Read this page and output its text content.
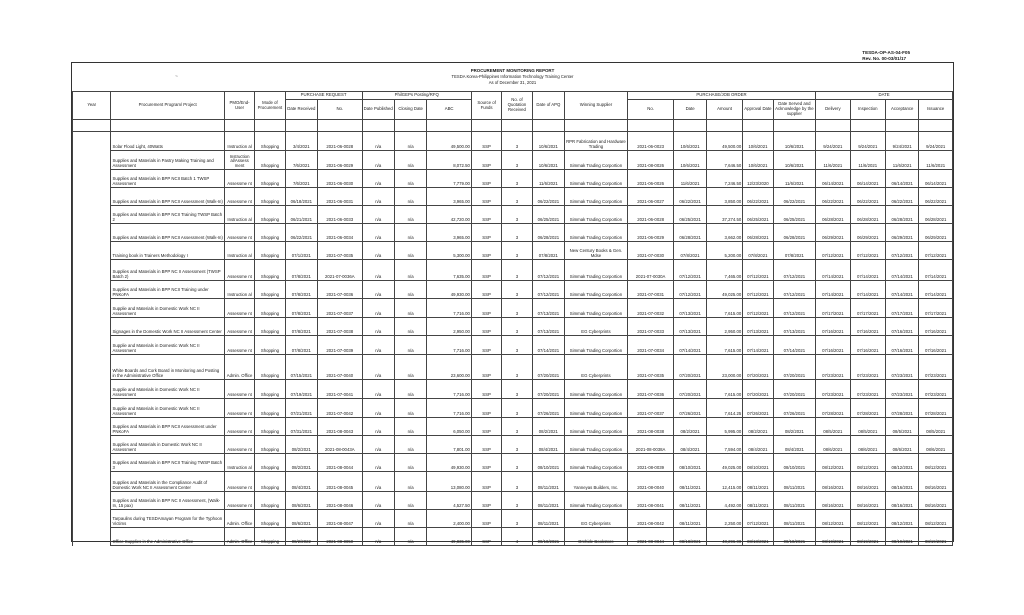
TESDA-OP-AS-04-F05
Rev. No. 00-03/01/17
~
PROCUREMENT MONITORING REPORT
TESDA Korea-Philippines Information Technology Training Center
As of December 31, 2021
Year	Procurement Program/ Project	PMO/End-User	Mode of Procurement	PURCHASE REQUEST		PhilGEPs Posting/RFQ			Source of Funds	No. of Quotation Received	Date of APQ	Winning Supplier	PURCHASE/JOB ORDER					DATE			
				Date Received	No.	Date Published	Closing Date	ABC					No.	Date	Amount	Approval Date	Date Served and Acknowledge by the supplier	Delivery	Inspection	Acceptance	Issuance

	Solar Flood Light, 40Watts	Instruction al	Shopping	3/4/2021	2021-06-0028	n/a	n/a	49,500.00	SSP	3	10/6/2021	RPR Fabrication and Hardware Trading	2021-06-0023	10/6/2021	49,500.00	10/6/2021	10/6/2021	9/24/2021	9/24/2021	9/24/2021	9/24/2021
	Supplies and Materials in Pastry Making Training and Assessment	Instruction al/Assess ment	Shopping	7/6/2021	2021-06-0029	n/a	n/a	8,072.50	SSP	3	10/6/2021	Simmak Trading Corportion	2021-08-0026	10/6/2021	7,646.50	10/6/2021	10/6/2021	11/6/2021	11/6/2021	11/6/2021	11/6/2021
	Supplies and Materials in BPP NCII Batch 1 TWSP Assessment	Assessme nt	Shopping	7/6/2021	2021-06-0030	n/a	n/a	7,779.00	SSP	3	11/6/2021	Simmak Trading Corportion	2021-06-0026	11/6/2021	7,246.50	12/23/2020	11/6/2021	06/14/2021	06/14/2021	06/14/2021	06/14/2021
	Supplies and Materials in BPP NCII Assessment (Walk-In)	Assessme nt	Shopping	06/18/2021	2021-06-0031	n/a	n/a	3,965.00	SSP	3	06/22/2021	Simmak Trading Corportion	2021-06-0027	06/22/2021	3,850.00	06/22/2021	06/22/2021	06/22/2021	06/22/2021	06/22/2021	06/22/2021
	Supplies and Materials in BPP NCII Training TWSP Batch 2	Instruction al	Shopping	06/21/2021	2021-06-0033	n/a	n/a	42,720.00	SSP	3	06/25/2021	Simmak Trading Corportion	2021-06-0028	06/25/2021	37,274.50	06/25/2021	06/25/2021	06/28/2021	06/28/2021	06/28/2021	06/28/2021
	Supplies and Materials in BPP NCII Assessment (Walk-In)	Assessme nt	Shopping	06/22/2021	2021-06-0034	n/a	n/a	3,965.00	SSP	3	06/28/2021	Simmak Trading Corportion	2021-06-0029	06/28/2021	3,662.00	06/28/2021	06/28/2021	06/29/2021	06/29/2021	06/29/2021	06/29/2021
	Training book in Trainers Methodology I	Instruction al	Shopping	07/1/2021	2021-07-0035	n/a	n/a	5,300.00	SSP	3	07/8/2021	New Century Books & Gen. Mdse	2021-07-0030	07/8/2021	5,200.00	07/8/2021	07/8/2021	07/12/2021	07/12/2021	07/12/2021	07/12/2021
	Supplies and Materials in BPP NC II Assessment (TWSP Batch 2)	Assessme nt	Shopping	07/8/2021	2021-07-0036A	n/a	n/a	7,635.00	SSP	3	07/12/2021	Simmak Trading Corportion	2021-07-0030A	07/12/2021	7,465.00	07/12/2021	07/12/2021	07/14/2021	07/14/2021	07/14/2021	07/14/2021
	Supplies and Materials in BPP NCII Training under PNKoFA	Instruction al	Shopping	07/8/2021	2021-07-0036	n/a	n/a	49,930.00	SSP	3	07/12/2021	Simmak Trading Corportion	2021-07-0031	07/12/2021	49,025.00	07/12/2021	07/12/2021	07/14/2021	07/14/2021	07/14/2021	07/14/2021
	Supplie and Materials in Domestic Work NC II Assessment	Assessme nt	Shopping	07/8/2021	2021-07-0037	n/a	n/a	7,716.00	SSP	3	07/13/2021	Simmak Trading Corportion	2021-07-0032	07/13/2021	7,615.00	07/12/2021	07/12/2021	07/17/2021	07/17/2021	07/17/2021	07/17/2021
	Signages in the Domestic Work NC II Assessment Center	Assessme nt	Shopping	07/8/2021	2021-07-0038	n/a	n/a	2,950.00	SSP	3	07/13/2021	EG Cyberprints	2021-07-0033	07/13/2021	2,950.00	07/13/2021	07/13/2021	07/16/2021	07/16/2021	07/16/2021	07/16/2021
	Supplie and Materials in Domestic Work NC II Assessment	Assessme nt	Shopping	07/8/2021	2021-07-0039	n/a	n/a	7,716.00	SSP	3	07/14/2021	Simmak Trading Corportion	2021-07-0034	07/14/2021	7,615.00	07/14/2021	07/14/2021	07/16/2021	07/16/2021	07/16/2021	07/16/2021
	White Boards and Cork Board in Monitoring and Posting in the Administrative Office	Admin. Office	Shopping	07/15/2021	2021-07-0040	n/a	n/a	23,600.00	SSP	3	07/20/2021	EG Cyberprints	2021-07-0035	07/20/2021	23,000.00	07/20/2021	07/20/2021	07/23/2021	07/23/2021	07/23/2021	07/23/2021
	Supplie and Materials in Domestic Work NC II Assessment	Assessme nt	Shopping	07/19/2021	2021-07-0041	n/a	n/a	7,716.00	SSP	3	07/20/2021	Simmak Trading Corportion	2021-07-0036	07/20/2021	7,615.00	07/20/2021	07/20/2021	07/23/2021	07/23/2021	07/23/2021	07/23/2021
	Supplie and Materials in Domestic Work NC II Assessment	Assessme nt	Shopping	07/21/2021	2021-07-0042	n/a	n/a	7,716.00	SSP	3	07/26/2021	Simmak Trading Corportion	2021-07-0037	07/26/2021	7,614.25	07/26/2021	07/26/2021	07/28/2021	07/28/2021	07/28/2021	07/28/2021
	Supplies and Materials in BPP NCII Assessment under PNKoFA	Assessme nt	Shopping	07/31/2021	2021-08-0043	n/a	n/a	6,050.00	SSP	3	08/2/2021	Simmak Trading Corportion	2021-08-0038	08/2/2021	5,995.00	08/2/2021	08/2/2021	08/5/2021	08/5/2021	08/5/2021	08/5/2021
	Supplies and Materials in Domestic Work NC II Assessment	Assessme nt	Shopping	08/2/2021	2021-08-0043A	n/a	n/a	7,801.00	SSP	3	08/4/2021	Simmak Trading Corportion	2021-08-0038A	08/4/2021	7,594.00	08/4/2021	08/4/2021	08/6/2021	08/6/2021	08/6/2021	08/6/2021
	Supplies and Materials in BPP NCII Training TWSP Batch 3	Instruction al	Shopping	08/2/2021	2021-08-0044	n/a	n/a	49,930.00	SSP	3	08/10/2021	Simmak Trading Corportion	2021-08-0039	08/10/2021	49,025.00	08/10/2021	08/10/2021	08/12/2021	08/12/2021	08/12/2021	08/12/2021
	Supplies and Materials in the Compliance Audit of Domestic Work NC II Assessment Center	Assessme nt	Shopping	08/4/2021	2021-08-0045	n/a	n/a	13,080.00	SSP	3	08/11/2021	Yanneyas Builders, Inc.	2021-08-0040	08/11/2021	12,415.00	08/11/2021	08/11/2021	08/16/2021	08/16/2021	08/16/2021	08/16/2021
	Supplies and Materials in BPP NC II Assessment, (Walk-In, 15 pax)	Assessme nt	Shopping	08/6/2021	2021-08-0046	n/a	n/a	4,527.50	SSP	3	08/11/2021	Simmak Trading Corportion	2021-08-0041	08/11/2021	4,492.00	08/11/2021	08/11/2021	08/16/2021	08/16/2021	08/16/2021	08/16/2021
	Tarpaulins during TESDAmayan Program for the Typhoon Victims	Admin. Office	Shopping	08/6/2021	2021-08-0047	n/a	n/a	2,400.00	SSP	3	08/11/2021	EG Cyberprints	2021-08-0042	08/11/2021	2,250.00	07/12/2021	08/11/2021	08/12/2021	08/12/2021	08/12/2021	08/12/2021
	Office Supplies in the Administrative Office	Admin. Office	Shopping	08/2/2022	2021-08-0050	n/a	n/a	49,835.00	SSP	4	08/18/2021	Orchide Bookstore	2021-08-0044	08/18/2021	48,296.00	08/18/2021	08/18/2021	08/19/2021	08/19/2021	08/19/2021	08/19/2021
